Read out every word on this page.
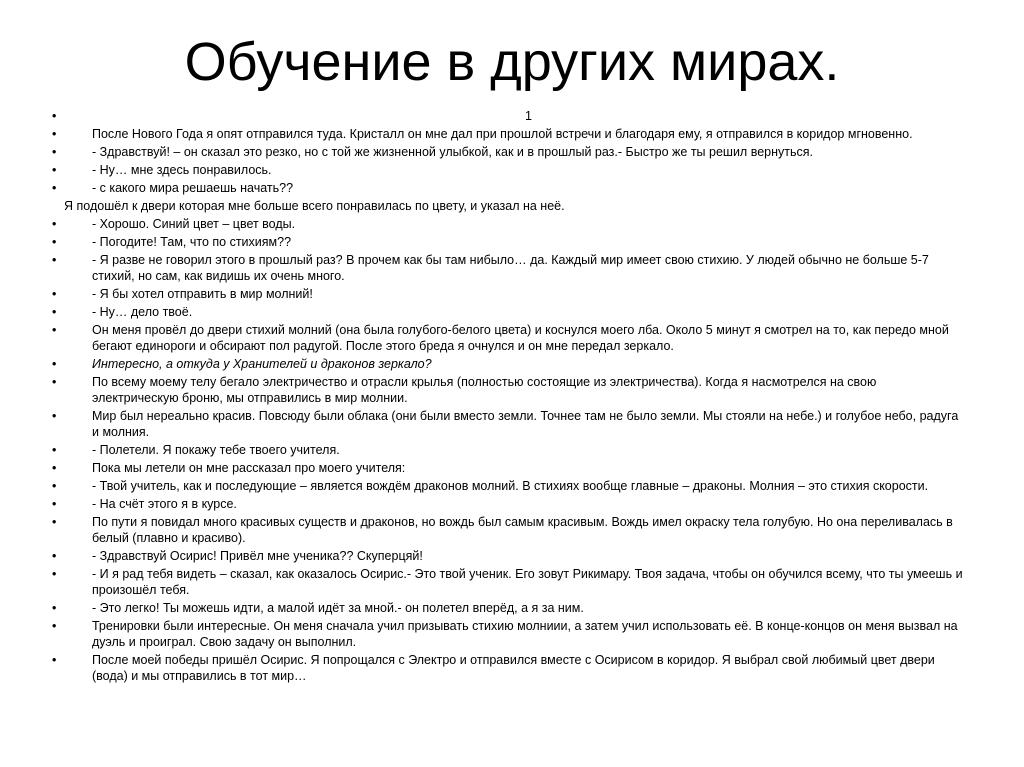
Обучение в других мирах.
•	1
•	После Нового Года я опят отправился туда. Кристалл он мне дал при прошлой встречи и благодаря ему, я отправился в коридор мгновенно.
•	- Здравствуй! – он сказал это резко, но с той же жизненной улыбкой, как и в прошлый раз.- Быстро же ты решил вернуться.
•	- Ну… мне здесь понравилось.
•	- с какого мира решаешь начать??
Я подошёл к двери которая мне больше всего понравилась по цвету, и указал на неё.
•	- Хорошо. Синий цвет – цвет воды.
•	- Погодите! Там, что по стихиям??
•	- Я разве не говорил этого в прошлый раз? В прочем как бы там нибыло… да. Каждый мир имеет свою стихию. У людей обычно не больше 5-7 стихий, но сам, как видишь их очень много.
•	- Я бы хотел отправить в мир молний!
•	- Ну… дело твоё.
•	Он меня провёл до двери стихий молний (она была голубого-белого цвета) и коснулся моего лба. Около 5 минут я смотрел на то, как передо мной бегают единороги и обсирают пол радугой. После этого бреда я очнулся и он мне передал зеркало.
•	Интересно, а откуда у Хранителей и драконов зеркало?
•	По всему моему телу бегало электричество и отрасли крылья (полностью состоящие из электричества). Когда я насмотрелся на свою электрическую броню, мы отправились в мир молнии.
•	Мир был нереально красив. Повсюду были облака (они были вместо земли. Точнее там не было земли. Мы стояли на небе.) и голубое небо, радуга и молния.
•	- Полетели. Я покажу тебе твоего учителя.
•	Пока мы летели он мне рассказал про моего учителя:
•	- Твой учитель, как и последующие – является вождём драконов молний. В стихиях вообще главные – драконы. Молния – это стихия скорости.
•	- На счёт этого я в курсе.
•	По пути я повидал много красивых существ и драконов, но вождь был самым красивым. Вождь имел окраску тела голубую. Но она переливалась в белый (плавно и красиво).
•	- Здравствуй Осирис! Привёл мне ученика?? Скуперцяй!
•	- И я рад тебя видеть – сказал, как оказалось Осирис.- Это твой ученик. Его зовут Рикимару. Твоя задача, чтобы он обучился всему, что ты умеешь и произошёл тебя.
•	- Это легко! Ты можешь идти, а малой идёт за мной.- он полетел вперёд, а я за ним.
•	Тренировки были интересные. Он меня сначала учил призывать стихию молниии, а затем учил использовать её. В конце-концов он меня вызвал на дуэль и проиграл. Свою задачу он выполнил.
•	После моей победы пришёл Осирис. Я попрощался с Электро и отправился вместе с Осирисом в коридор. Я выбрал свой любимый цвет двери (вода) и мы отправились в тот мир…
